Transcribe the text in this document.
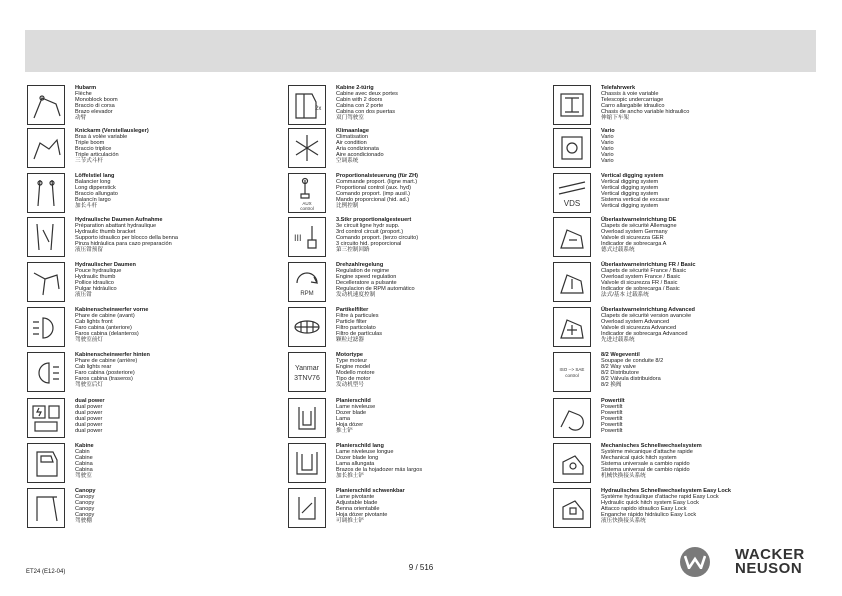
Hubarm
Flèche
Monoblock boom
Braccio di corsa
Brazo elevador
动臂
Knickarm (Verstellausleger)
Bras à volée variable
Triple boom
Braccio triplice
Triple articulación
三节式斗杆
Löffelstiel lang
Balancier long
Long dipperstick
Braccio allungato
Balancín largo
加长斗杆
Hydraulische Daumen Aufnahme
Préparation abattant hydraulique
Hydraulic thumb bracket
Supporto idraulico per blocco della benna
Pinza hidráulica para cazo preparación
液压钳预留
Hydraulischer Daumen
Pouce hydraulique
Hydraulic thumb
Pollice idraulico
Pulgar hidráulico
液压钳
Kabinenscheinwerfer vorne
Phare de cabine (avant)
Cab lights front
Faro cabina (anteriore)
Faros cabina (delanteros)
驾驶室前灯
Kabinenscheinwerfer hinten
Phare de cabine (arrière)
Cab lights rear
Faro cabina (posteriore)
Faros cabina (traseros)
驾驶室后灯
dual power
dual power
dual power
dual power
dual power
dual power
Kabine
Cabin
Cabine
Cabina
Cabina
驾驶室
Canopy
Canopy
Canopy
Canopy
Canopy
驾驶棚
2x
Kabine 2-türig
Cabine avec deux portes
Cabin with 2 doors
Cabina con 2 porte
Cabina con dos puertas
双门驾驶室
Klimaanlage
Climatisation
Air condition
Aria condizionata
Aire acondicionado
空调系统
AUX
control
Proportionalsteuerung (für ZH)
Commande proport. (ligne mart.)
Proportional control (aux. hyd)
Comando proport. (imp ausil.)
Mando proporcional (hid. ad.)
比例控制
III
3.Stkr proportionalgesteuert
3e circuit ligne hydr supp.
3rd control circuit (proport.)
Comando proport. (terzo circuito)
3 circuito hid. proporcional
第三控制回路
RPM
Drehzahlregelung
Regulation de regime
Engine speed regulation
Decelleratore a pulsante
Regulacion de RPM automático
发动机速度控制
Partikelfilter
Filtre à particules
Particle filter
Filtro particolato
Filtro de partículas
颗粒过滤器
Yanmar
3TNV76
Motortype
Type moteur
Engine model
Modello motore
Tipo de motor
发动机型号
Planierschild
Lame niveleuse
Dozer blade
Lama
Hoja dózer
推土铲
Planierschild lang
Lame niveleuse longue
Dozer blade long
Lama allungata
Brazos de la hojadozer más largos
加长推土铲
Planierschild schwenkbar
Lame pivotante
Adjustable blade
Benna orientabile
Hoja dózer pivotante
可调推土铲
Telefahrwerk
Chassis à voie variable
Telescopic undercarriage
Carro allargabile idraulico
Chasis de ancho variable hidraulico
伸缩下车架
Vario
Vario
Vario
Vario
Vario
Vario
VDS
Vertical digging system
Vertical digging system
Vertical digging system
Vertical digging system
Sistema vertical de excavar
Vertical digging system
Überlastwarneinrichtung DE
Clapets de sécurité Allemagne
Overload system Germany
Valvole di sicurezza GER
Indicador de sobrecarga A
德式过载系统
Überlastwarneinrichtung FR / Basic
Clapets de sécurité France / Basic
Overload system France / Basic
Valvole di sicurezza FR / Basic
Indicador de sobrecarga / Basic
法式/基本 过载系统
Überlastwarneinrichtung Advanced
Clapets de sécurité version avancée
Overload system Advanced
Valvole di sicurezza Advanced
Indicador de sobrecarga Advanced
先进过载系统
ISO --> SAE
control
8/2 Wegeventil
Soupape de conduite 8/2
8/2 Way valve
8/2 Distributore
8/2 Válvula distribuidora
8/2 换阀
Powertilt
Powertilt
Powertilt
Powertilt
Powertilt
Powertilt
Mechanisches Schnellwechselsystem
Système mécanique d'attache rapide
Mechanical quick hitch system
Sistema universale a cambio rapido
Sistema universal de cambio rápido
机械快换接头系统
Hydraulisches Schnellwechselsystem Easy Lock
Système hydraulique d'attache rapid Easy Lock
Hydraulic quick hitch system Easy Lock
Attacco rapido idraulico Easy Lock
Enganche rápido hidráulico Easy Lock
液压快换接头系统
ET24 (E12-04)	9 / 516
WACKER
NEUSON
